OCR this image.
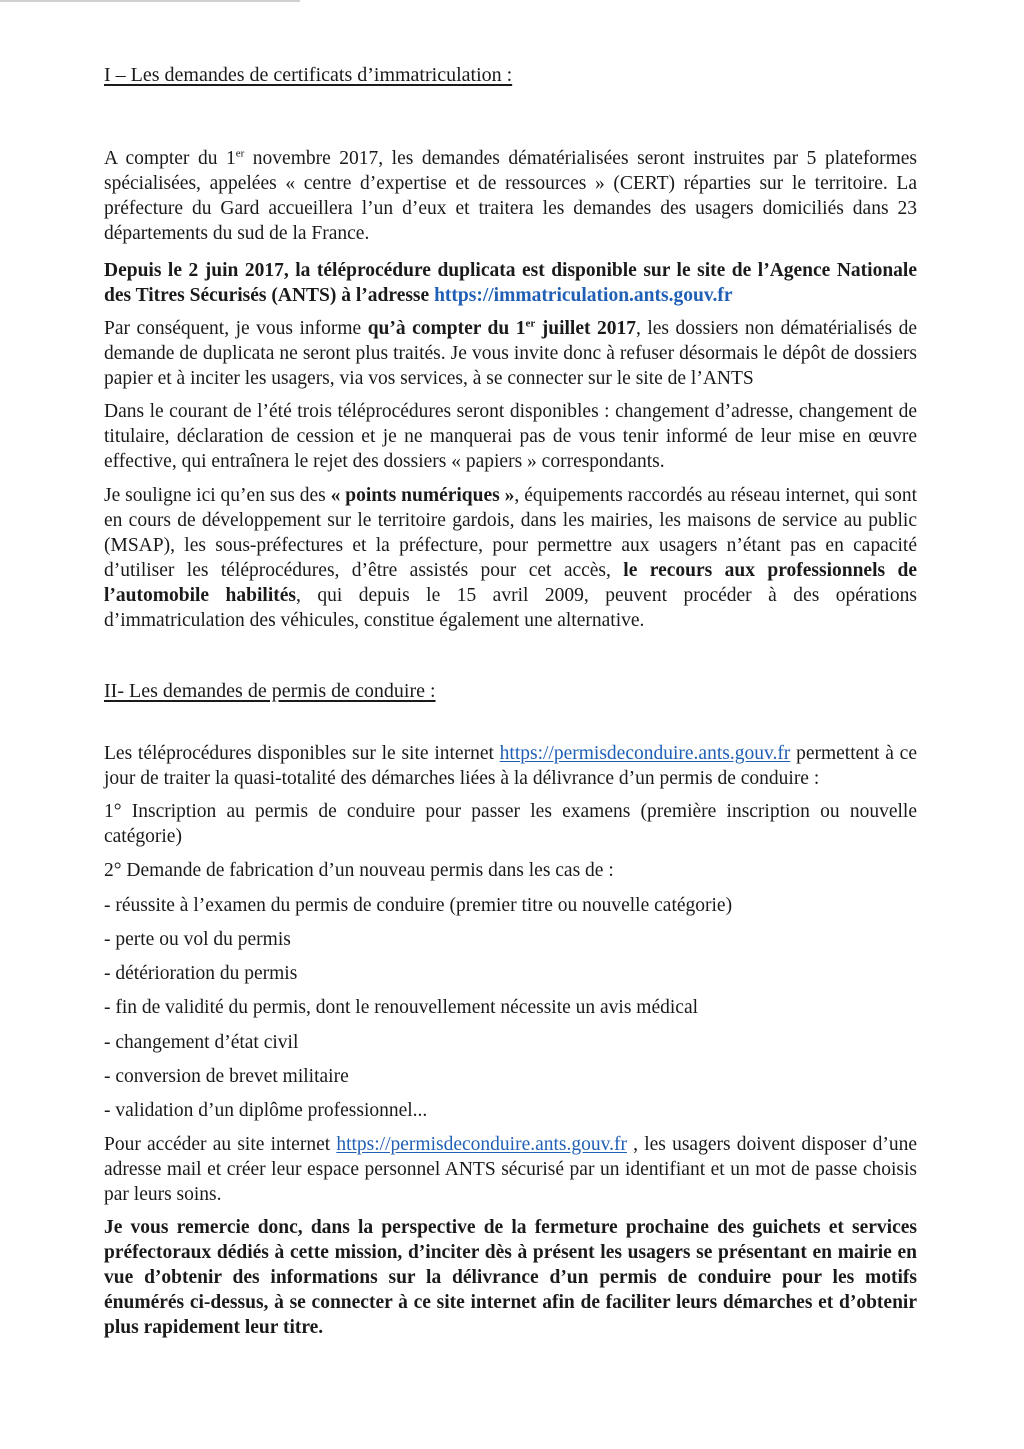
I – Les demandes de certificats d’immatriculation :

A compter du 1er novembre 2017, les demandes dématérialisées seront instruites par 5 plateformes spécialisées, appelées « centre d’expertise et de ressources » (CERT) réparties sur le territoire. La préfecture du Gard accueillera l’un d’eux et traitera les demandes des usagers domiciliés dans 23 départements du sud de la France.

Depuis le 2 juin 2017, la téléprocédure duplicata est disponible sur le site de l’Agence Nationale des Titres Sécurisés (ANTS) à l’adresse https://immatriculation.ants.gouv.fr

Par conséquent, je vous informe qu’à compter du 1er juillet 2017, les dossiers non dématérialisés de demande de duplicata ne seront plus traités. Je vous invite donc à refuser désormais le dépôt de dossiers papier et à inciter les usagers, via vos services, à se connecter sur le site de l’ANTS

Dans le courant de l’été trois téléprocédures seront disponibles : changement d’adresse, changement de titulaire, déclaration de cession et je ne manquerai pas de vous tenir informé de leur mise en œuvre effective, qui entraînera le rejet des dossiers « papiers » correspondants.

Je souligne ici qu’en sus des « points numériques », équipements raccordés au réseau internet, qui sont en cours de développement sur le territoire gardois, dans les mairies, les maisons de service au public (MSAP), les sous-préfectures et la préfecture, pour permettre aux usagers n’étant pas en capacité d’utiliser les téléprocédures, d’être assistés pour cet accès, le recours aux professionnels de l’automobile habilités, qui depuis le 15 avril 2009, peuvent procéder à des opérations d’immatriculation des véhicules, constitue également une alternative.

II- Les demandes de permis de conduire :

Les téléprocédures disponibles sur le site internet https://permisdeconduire.ants.gouv.fr permettent à ce jour de traiter la quasi-totalité des démarches liées à la délivrance d’un permis de conduire :

1° Inscription au permis de conduire pour passer les examens (première inscription ou nouvelle catégorie)

2° Demande de fabrication d’un nouveau permis dans les cas de :

- réussite à l’examen du permis de conduire (premier titre ou nouvelle catégorie)

- perte ou vol du permis

- détérioration du permis

- fin de validité du permis, dont le renouvellement nécessite un avis médical

- changement d’état civil

- conversion de brevet militaire

- validation d’un diplôme professionnel...

Pour accéder au site internet https://permisdeconduire.ants.gouv.fr , les usagers doivent disposer d’une adresse mail et créer leur espace personnel ANTS sécurisé par un identifiant et un mot de passe choisis par leurs soins.

Je vous remercie donc, dans la perspective de la fermeture prochaine des guichets et services préfectoraux dédiés à cette mission, d’inciter dès à présent les usagers se présentant en mairie en vue d’obtenir des informations sur la délivrance d’un permis de conduire pour les motifs énumérés ci-dessus, à se connecter à ce site internet afin de faciliter leurs démarches et d’obtenir plus rapidement leur titre.
